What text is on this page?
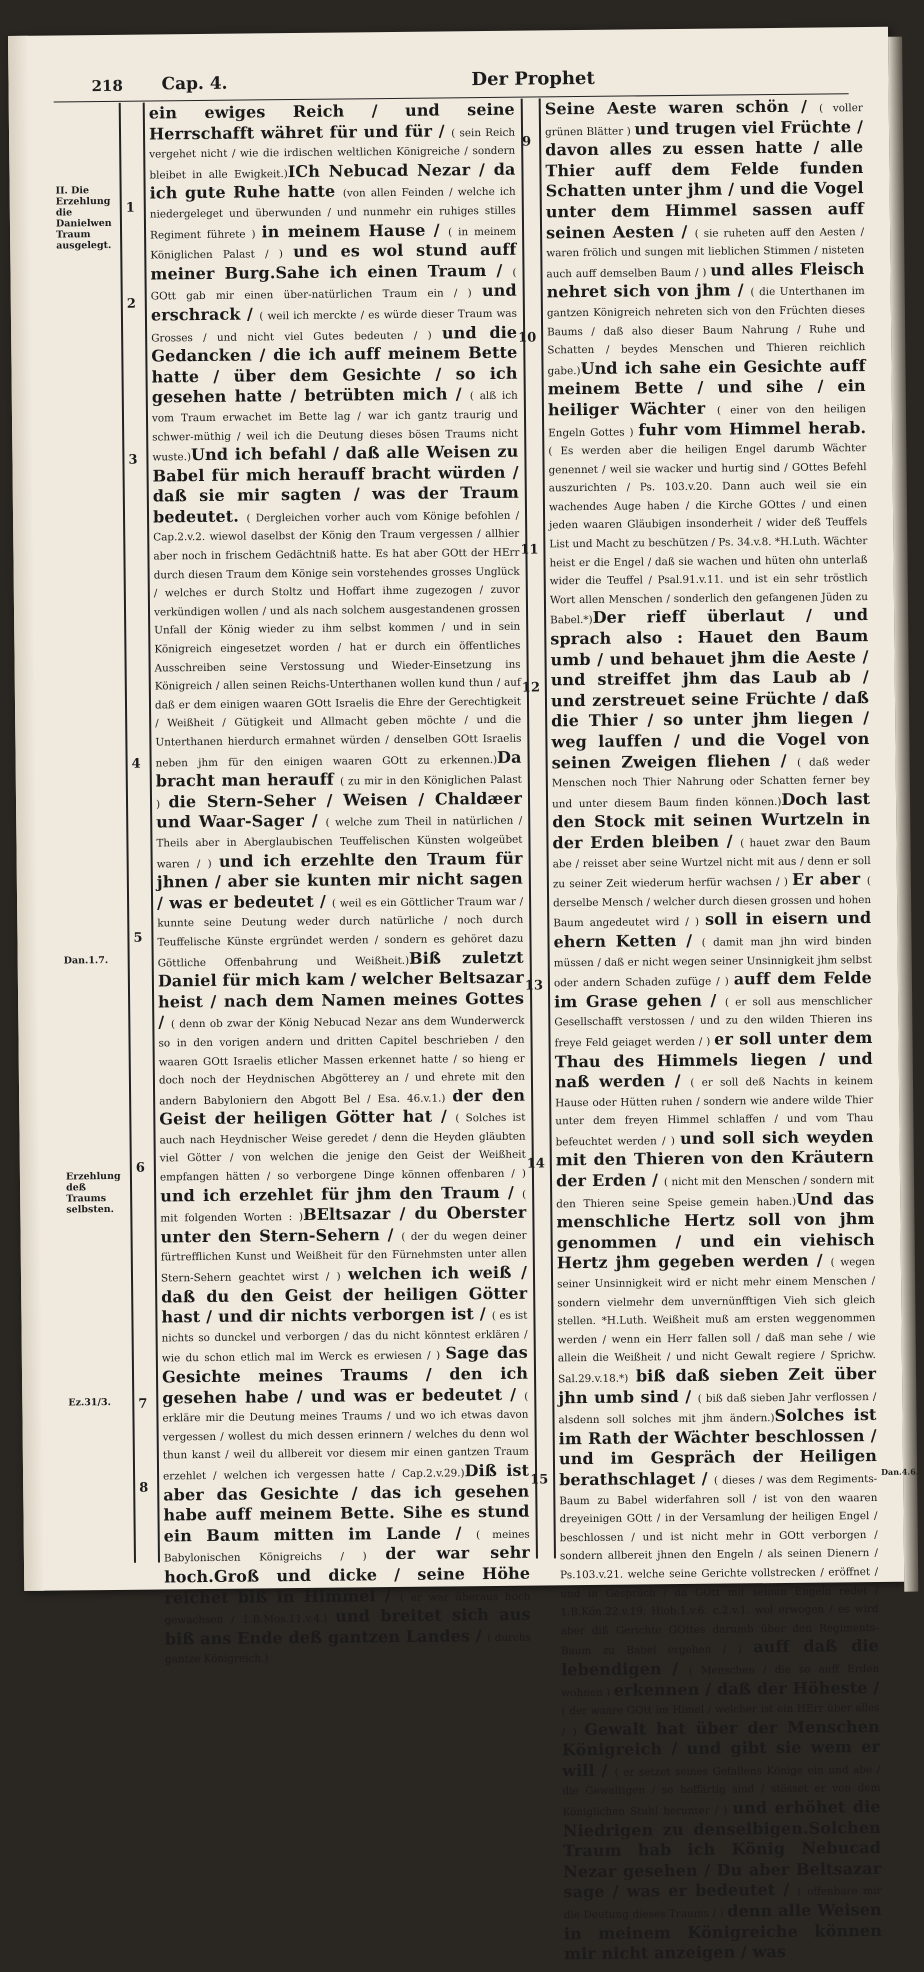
218 Cap. 4.	Der Prophet
II. Die Erzehlung die Danielwen Traum ausgelegt.
Dan.1.7.
Erzehlung deß Traums selbsten.
Ez.31/3.
1
2
3
4
5
6
7
8
9
10
11
12
13
14
15
Dan.4.6.

ein ewiges Reich / und seine Herrschafft währet für und für / ( sein Reich vergehet nicht / wie die irdischen weltlichen Königreiche / sondern bleibet in alle Ewigkeit.)ICh Nebucad Nezar / da ich gute Ruhe hatte (von allen Feinden / welche ich niedergeleget und überwunden / und nunmehr ein ruhiges stilles Regiment führete ) in meinem Hause / ( in meinem Königlichen Palast / ) und es wol stund auff meiner Burg.Sahe ich einen Traum / ( GOtt gab mir einen über-natürlichen Traum ein / ) und erschrack / ( weil ich merckte / es würde dieser Traum was Grosses / und nicht viel Gutes bedeuten / ) und die Gedancken / die ich auff meinem Bette hatte / über dem Gesichte / so ich gesehen hatte / betrübten mich / ( alß ich vom Traum erwachet im Bette lag / war ich gantz traurig und schwer-müthig / weil ich die Deutung dieses bösen Traums nicht wuste.)Und ich befahl / daß alle Weisen zu Babel für mich herauff bracht würden / daß sie mir sagten / was der Traum bedeutet. ( Dergleichen vorher auch vom Könige befohlen / Cap.2.v.2. wiewol daselbst der König den Traum vergessen / allhier aber noch in frischem Gedächtniß hatte. Es hat aber GOtt der HErr durch diesen Traum dem Könige sein vorstehendes grosses Unglück / welches er durch Stoltz und Hoffart ihme zugezogen / zuvor verkündigen wollen / und als nach solchem ausgestandenen grossen Unfall der König wieder zu ihm selbst kommen / und in sein Königreich eingesetzet worden / hat er durch ein öffentliches Ausschreiben seine Verstossung und Wieder-Einsetzung ins Königreich / allen seinen Reichs-Unterthanen wollen kund thun / auf daß er dem einigen waaren GOtt Israelis die Ehre der Gerechtigkeit / Weißheit / Gütigkeit und Allmacht geben möchte / und die Unterthanen hierdurch ermahnet würden / denselben GOtt Israelis neben jhm für den einigen waaren GOtt zu erkennen.)Da bracht man herauff ( zu mir in den Königlichen Palast ) die Stern-Seher / Weisen / Chaldæer und Waar-Sager / ( welche zum Theil in natürlichen / Theils aber in Aberglaubischen Teuffelischen Künsten wolgeübet waren / ) und ich erzehlte den Traum für jhnen / aber sie kunten mir nicht sagen / was er bedeutet / ( weil es ein Göttlicher Traum war / kunnte seine Deutung weder durch natürliche / noch durch Teuffelische Künste ergründet werden / sondern es gehöret dazu Göttliche Offenbahrung und Weißheit.)Biß zuletzt Daniel für mich kam / welcher Beltsazar heist / nach dem Namen meines Gottes / ( denn ob zwar der König Nebucad Nezar ans dem Wunderwerck so in den vorigen andern und dritten Capitel beschrieben / den waaren GOtt Israelis etlicher Massen erkennet hatte / so hieng er doch noch der Heydnischen Abgötterey an / und ehrete mit den andern Babyloniern den Abgott Bel / Esa. 46.v.1.) der den Geist der heiligen Götter hat / ( Solches ist auch nach Heydnischer Weise geredet / denn die Heyden gläubten viel Götter / von welchen die jenige den Geist der Weißheit empfangen hätten / so verborgene Dinge können offenbaren / ) und ich erzehlet für jhm den Traum / ( mit folgenden Worten : )BEltsazar / du Oberster unter den Stern-Sehern / ( der du wegen deiner fürtrefflichen Kunst und Weißheit für den Fürnehmsten unter allen Stern-Sehern geachtet wirst / ) welchen ich weiß / daß du den Geist der heiligen Götter hast / und dir nichts verborgen ist / ( es ist nichts so dunckel und verborgen / das du nicht könntest erklären / wie du schon etlich mal im Werck es erwiesen / ) Sage das Gesichte meines Traums / den ich gesehen habe / und was er bedeutet / ( erkläre mir die Deutung meines Traums / und wo ich etwas davon vergessen / wollest du mich dessen erinnern / welches du denn wol thun kanst / weil du allbereit vor diesem mir einen gantzen Traum erzehlet / welchen ich vergessen hatte / Cap.2.v.29.)Diß ist aber das Gesichte / das ich gesehen habe auff meinem Bette. Sihe es stund ein Baum mitten im Lande / ( meines Babylonischen Königreichs / ) der war sehr hoch.Groß und dicke / seine Höhe reichet biß in Himmel / ( er war überaus hoch gewachsen / 1.B.Mos.11.v.4.) und breitet sich aus biß ans Ende deß gantzen Landes / ( durchs gantze Königreich.)

Seine Aeste waren schön / ( voller grünen Blätter ) und trugen viel Früchte / davon alles zu essen hatte / alle Thier auff dem Felde funden Schatten unter jhm / und die Vogel unter dem Himmel sassen auff seinen Aesten / ( sie ruheten auff den Aesten / waren frölich und sungen mit lieblichen Stimmen / nisteten auch auff demselben Baum / ) und alles Fleisch nehret sich von jhm / ( die Unterthanen im gantzen Königreich nehreten sich von den Früchten dieses Baums / daß also dieser Baum Nahrung / Ruhe und Schatten / beydes Menschen und Thieren reichlich gabe.)Und ich sahe ein Gesichte auff meinem Bette / und sihe / ein heiliger Wächter ( einer von den heiligen Engeln Gottes ) fuhr vom Himmel herab. ( Es werden aber die heiligen Engel darumb Wächter genennet / weil sie wacker und hurtig sind / GOttes Befehl auszurichten / Ps. 103.v.20. Dann auch weil sie ein wachendes Auge haben / die Kirche GOttes / und einen jeden waaren Gläubigen insonderheit / wider deß Teuffels List und Macht zu beschützen / Ps. 34.v.8. *H.Luth. Wächter heist er die Engel / daß sie wachen und hüten ohn unterlaß wider die Teuffel / Psal.91.v.11. und ist ein sehr tröstlich Wort allen Menschen / sonderlich den gefangenen Jüden zu Babel.*)Der rieff überlaut / und sprach also : Hauet den Baum umb / und behauet jhm die Aeste / und streiffet jhm das Laub ab / und zerstreuet seine Früchte / daß die Thier / so unter jhm liegen / weg lauffen / und die Vogel von seinen Zweigen fliehen / ( daß weder Menschen noch Thier Nahrung oder Schatten ferner bey und unter diesem Baum finden können.)Doch last den Stock mit seinen Wurtzeln in der Erden bleiben / ( hauet zwar den Baum abe / reisset aber seine Wurtzel nicht mit aus / denn er soll zu seiner Zeit wiederum herfür wachsen / ) Er aber ( derselbe Mensch / welcher durch diesen grossen und hohen Baum angedeutet wird / ) soll in eisern und ehern Ketten / ( damit man jhn wird binden müssen / daß er nicht wegen seiner Unsinnigkeit jhm selbst oder andern Schaden zufüge / ) auff dem Felde im Grase gehen / ( er soll aus menschlicher Gesellschafft verstossen / und zu den wilden Thieren ins freye Feld geiaget werden / ) er soll unter dem Thau des Himmels liegen / und naß werden / ( er soll deß Nachts in keinem Hause oder Hütten ruhen / sondern wie andere wilde Thier unter dem freyen Himmel schlaffen / und vom Thau befeuchtet werden / ) und soll sich weyden mit den Thieren von den Kräutern der Erden / ( nicht mit den Menschen / sondern mit den Thieren seine Speise gemein haben.)Und das menschliche Hertz soll von jhm genommen / und ein viehisch Hertz jhm gegeben werden / ( wegen seiner Unsinnigkeit wird er nicht mehr einem Menschen / sondern vielmehr dem unvernünfftigen Vieh sich gleich stellen. *H.Luth. Weißheit muß am ersten weggenommen werden / wenn ein Herr fallen soll / daß man sehe / wie allein die Weißheit / und nicht Gewalt regiere / Sprichw. Sal.29.v.18.*) biß daß sieben Zeit über jhn umb sind / ( biß daß sieben Jahr verflossen / alsdenn soll solches mit jhm ändern.)Solches ist im Rath der Wächter beschlossen / und im Gespräch der Heiligen berathschlaget / ( dieses / was dem Regiments-Baum zu Babel widerfahren soll / ist von den waaren dreyeinigen GOtt / in der Versamlung der heiligen Engel / beschlossen / und ist nicht mehr in GOtt verborgen / sondern allbereit jhnen den Engeln / als seinen Dienern / Ps.103.v.21. welche seine Gerichte vollstrecken / eröffnet / und in Gespräch / da GOtt mit seinen Engeln redet / 1.B.Kön.22.v.19. Hiob.1.v.6. c.2.v.1. wol erwogen / es wird aber diß Gerichte GOttes darumb über den Regiments-Baum zu Babel ergehen / ) auff daß die lebendigen / ( Menschen / die so auff Erden wohnen ) erkennen / daß der Höheste / ( der waare GOtt im Himel / welcher ist ein HErr über alles / ) Gewalt hat über der Menschen Königreich / und gibt sie wem er will / ( er setzet seines Gefallens Könige ein und abe / die Gewaltigen / so hoffärtig sind / stösset er von dem Königlichen Stuhl herunter / ) und erhöhet die Niedrigen zu denselbigen.Solchen Traum hab ich König Nebucad Nezar gesehen / Du aber Beltsazar sage / was er bedeutet / ( offenbare mir die Deutung dieses Traums / ) denn alle Weisen in meinem Königreiche können mir nicht anzeigen / was
